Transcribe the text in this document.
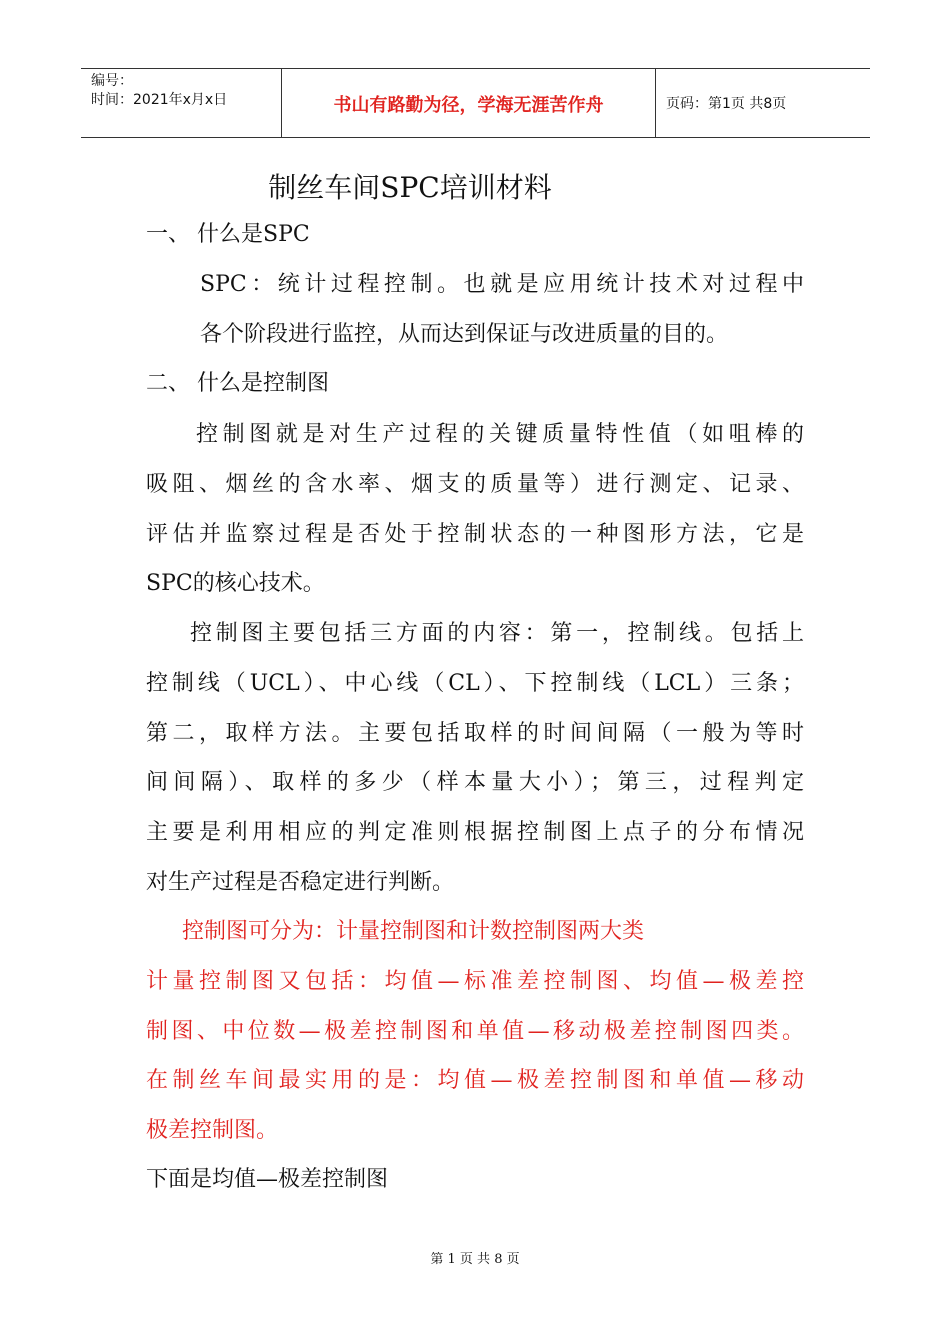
编号：
时间：2021年x月x日	书山有路勤为径，学海无涯苦作舟	页码：第1页 共8页
制丝车间SPC培训材料
一、 什么是SPC
SPC：统计过程控制。也就是应用统计技术对过程中
各个阶段进行监控，从而达到保证与改进质量的目的。
二、 什么是控制图
控制图就是对生产过程的关键质量特性值（如咀棒的
吸阻、烟丝的含水率、烟支的质量等）进行测定、记录、
评估并监察过程是否处于控制状态的一种图形方法，它是
SPC的核心技术。
控制图主要包括三方面的内容：第一，控制线。包括上
控制线（UCL）、中心线（CL）、下控制线（LCL）三条；
第二，取样方法。主要包括取样的时间间隔（一般为等时
间间隔）、取样的多少（样本量大小）；第三，过程判定
主要是利用相应的判定准则根据控制图上点子的分布情况
对生产过程是否稳定进行判断。
控制图可分为：计量控制图和计数控制图两大类
计量控制图又包括：均值—标准差控制图、均值—极差控
制图、中位数—极差控制图和单值—移动极差控制图四类。
在制丝车间最实用的是：均值—极差控制图和单值—移动
极差控制图。
下面是均值—极差控制图
第 1 页 共 8 页
